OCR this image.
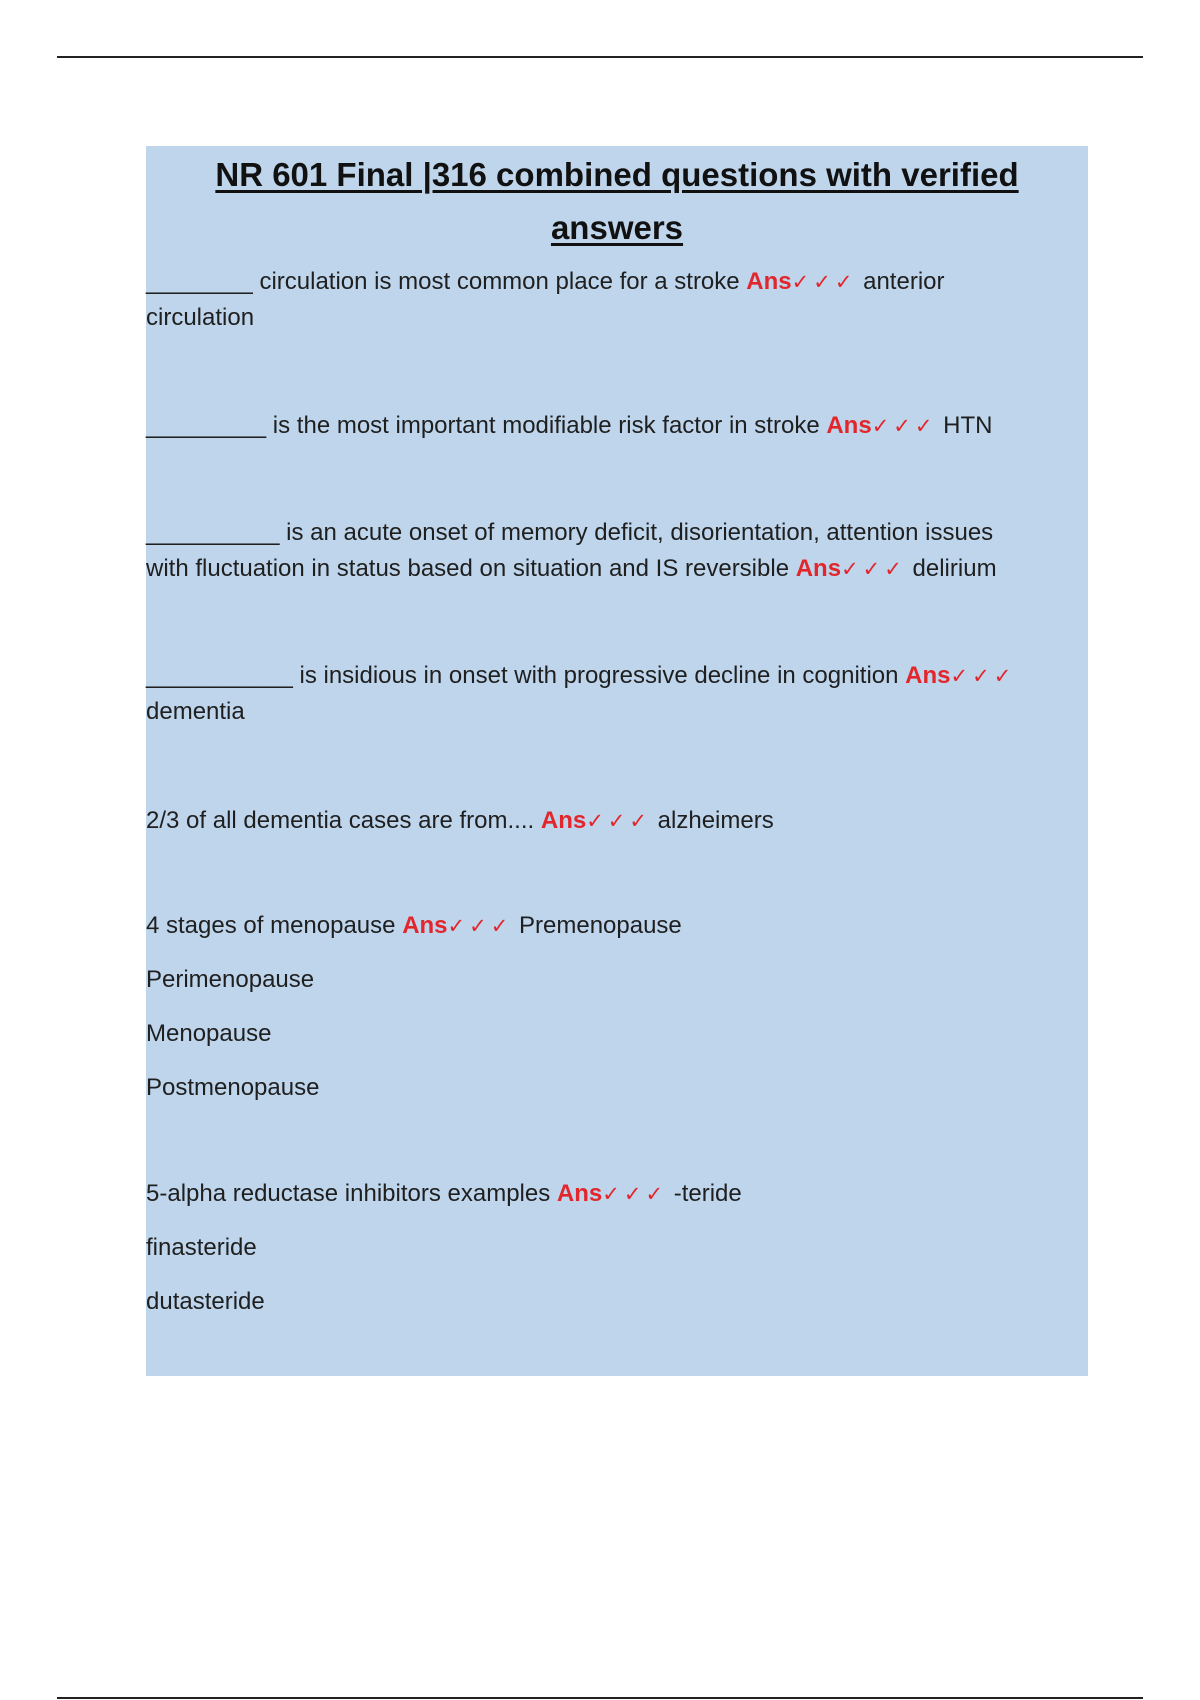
NR 601 Final |316 combined questions with verified
answers
________ circulation is most common place for a stroke Ans✓✓✓ anterior
circulation
_________ is the most important modifiable risk factor in stroke Ans✓✓✓ HTN
__________ is an acute onset of memory deficit, disorientation, attention issues
with fluctuation in status based on situation and IS reversible Ans✓✓✓ delirium
___________ is insidious in onset with progressive decline in cognition Ans✓✓✓
dementia
2/3 of all dementia cases are from.... Ans✓✓✓ alzheimers
4 stages of menopause Ans✓✓✓ Premenopause
Perimenopause
Menopause
Postmenopause
5-alpha reductase inhibitors examples Ans✓✓✓ -teride
finasteride
dutasteride
